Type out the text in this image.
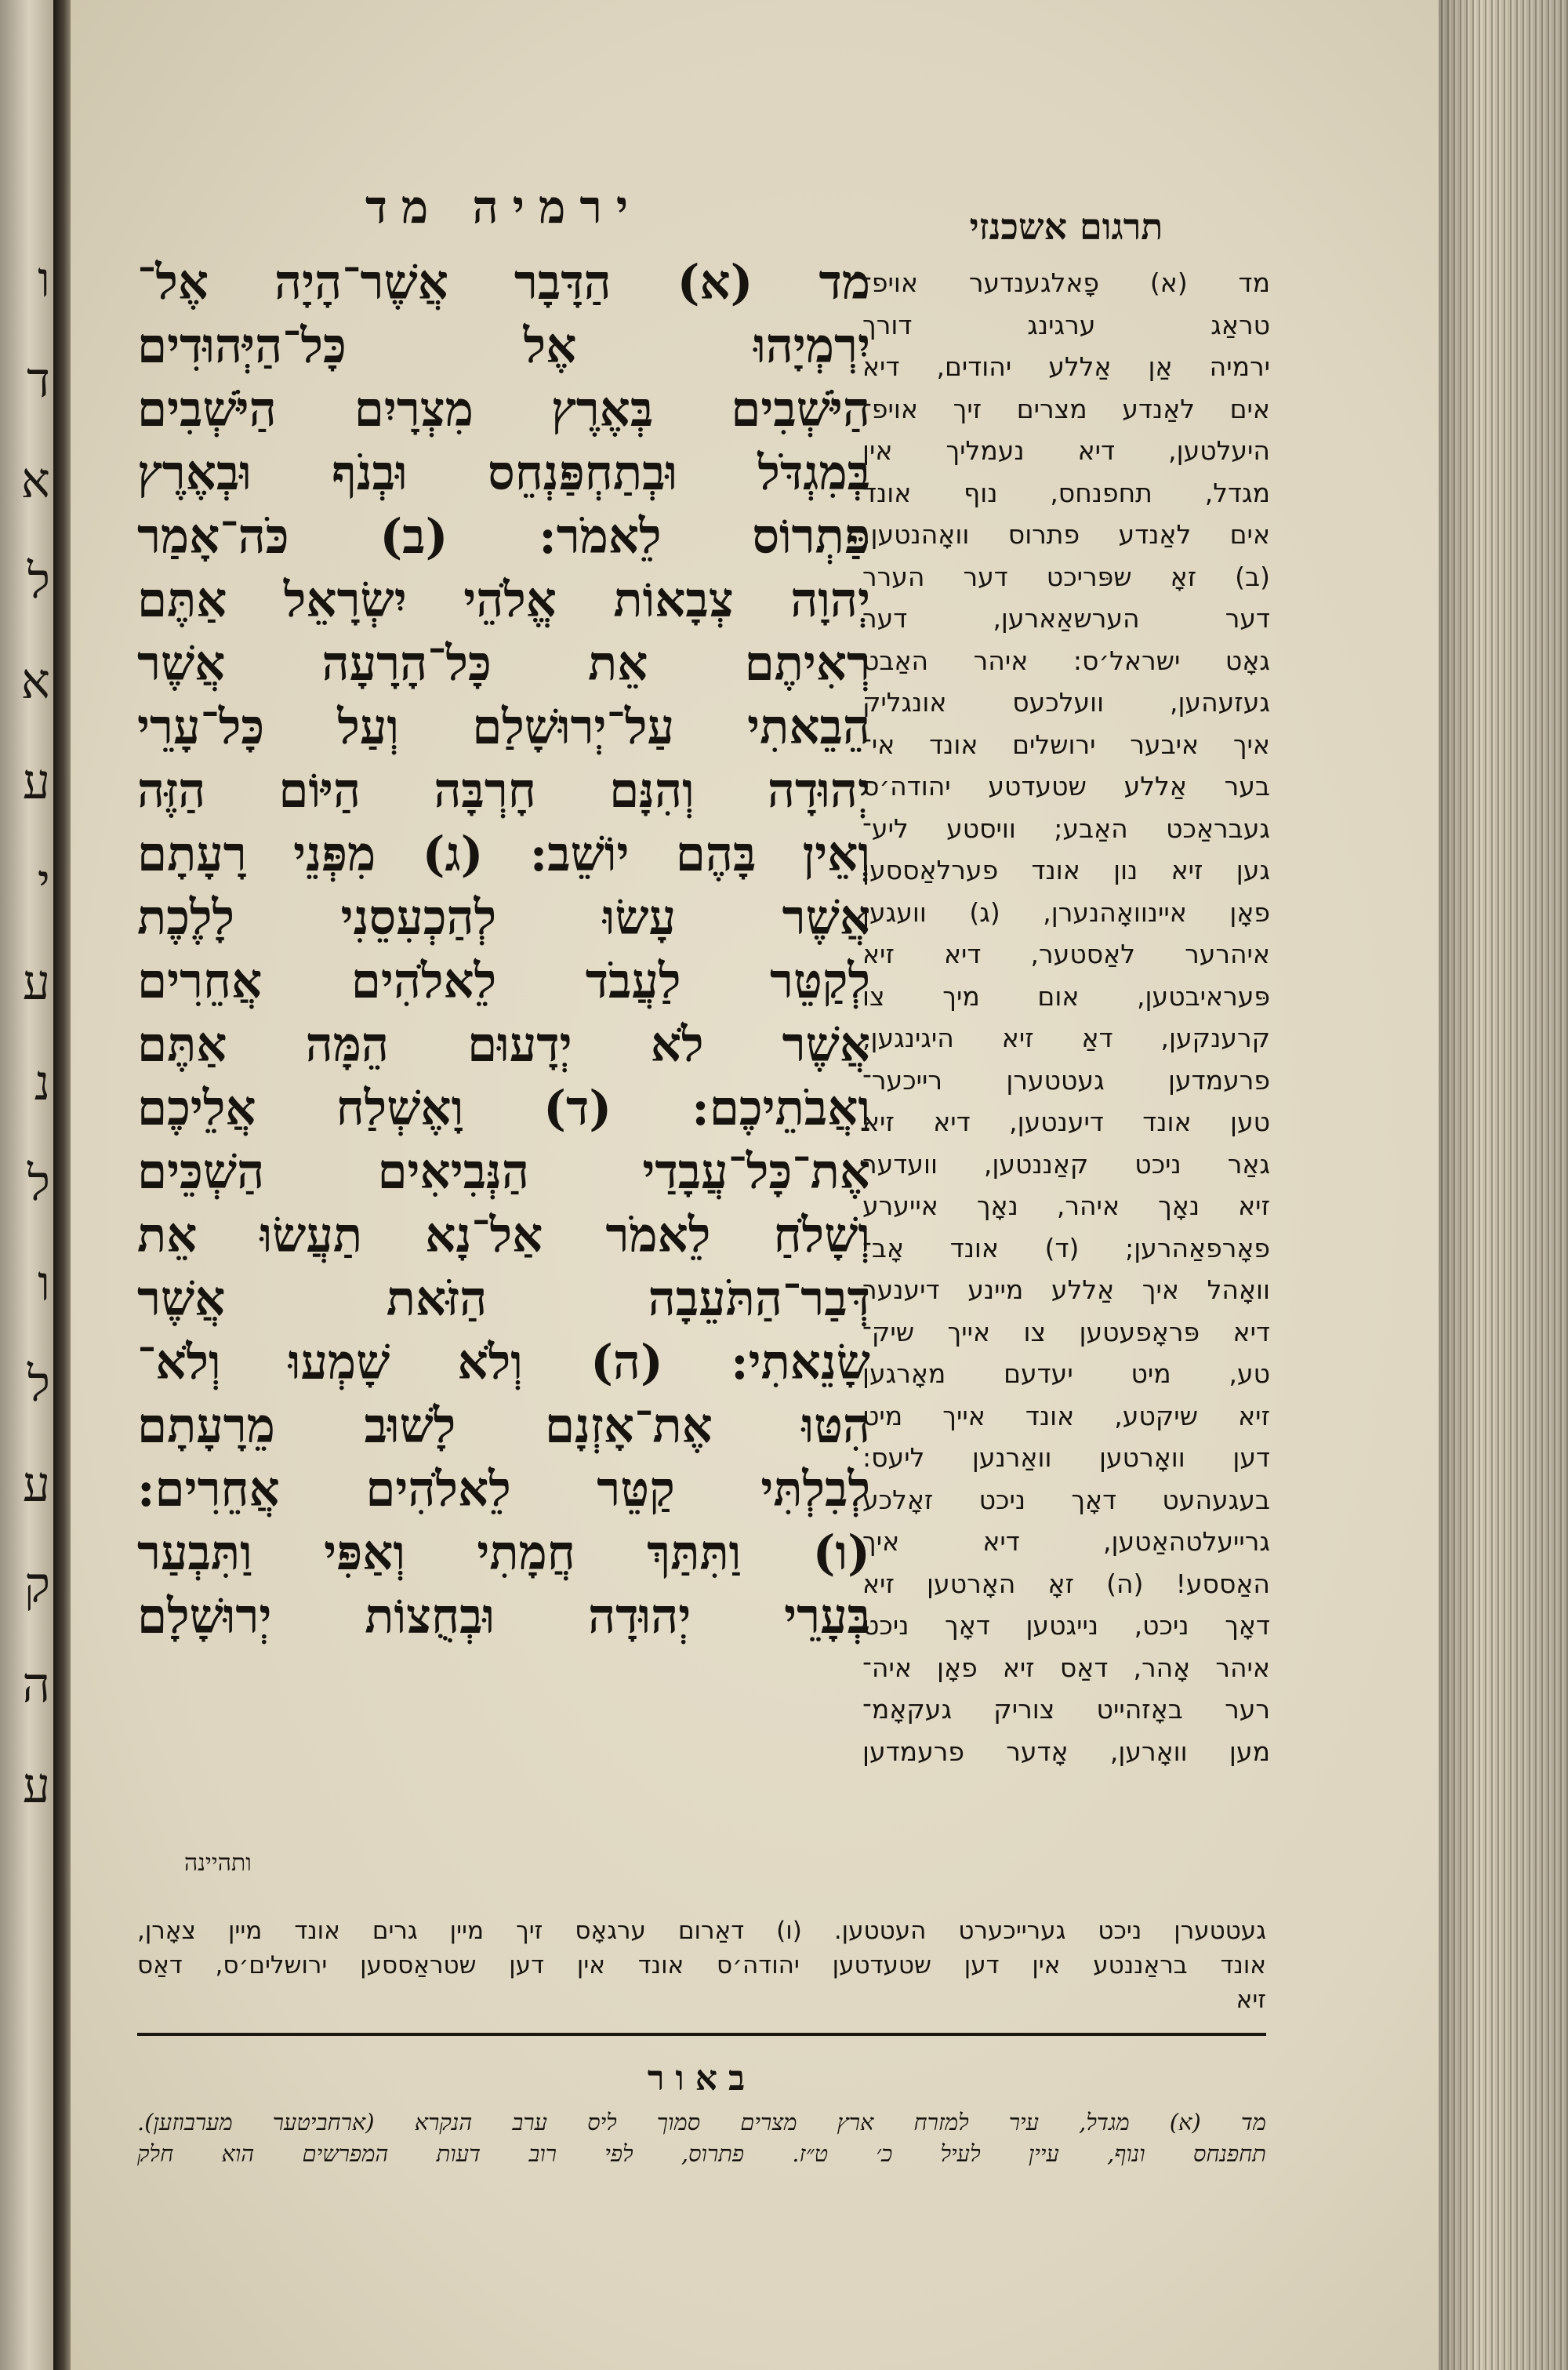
ו
ד
א
ל
א
ע
י
ע
נ
ל
ו
ל
ע
ק
ה
ע
ירמיה מד
מד (א) הַדָּבָר אֲשֶׁר־הָיָה אֶל־
יִרְמְיָהוּ אֶל כָּל־הַיְּהוּדִים
הַיֹּשְׁבִים בְּאֶרֶץ מִצְרָיִם הַיֹּשְׁבִים
בְּמִגְדֹּל וּבְתַחְפַּנְחֵס וּבְנֹף וּבְאֶרֶץ
פַּתְרוֹס לֵאמֹר: (ב) כֹּה־אָמַר
יְהוָה צְבָאוֹת אֱלֹהֵי יִשְׂרָאֵל אַתֶּם
רְאִיתֶם אֵת כָּל־הָרָעָה אֲשֶׁר
הֵבֵאתִי עַל־יְרוּשָׁלַם וְעַל כָּל־עָרֵי
יְהוּדָה וְהִנָּם חָרְבָּה הַיּוֹם הַזֶּה
וְאֵין בָּהֶם יוֹשֵׁב: (ג) מִפְּנֵי רָעָתָם
אֲשֶׁר עָשׂוּ לְהַכְעִסֵנִי לָלֶכֶת
לְקַטֵּר לַעֲבֹד לֵאלֹהִים אֲחֵרִים
אֲשֶׁר לֹא יְדָעוּם הֵמָּה אַתֶּם
וַאֲבֹתֵיכֶם: (ד) וָאֶשְׁלַח אֲלֵיכֶם
אֶת־כָּל־עֲבָדַי הַנְּבִיאִים הַשְׁכֵּים
וְשָׁלֹחַ לֵאמֹר אַל־נָא תַעֲשׂוּ אֵת
דְּבַר־הַתֹּעֵבָה הַזֹּאת אֲשֶׁר
שָׂנֵאתִי: (ה) וְלֹא שָׁמְעוּ וְלֹא־
הִטּוּ אֶת־אָזְנָם לָשׁוּב מֵרָעָתָם
לְבִלְתִּי קַטֵּר לֵאלֹהִים אֲחֵרִים:
(ו) וַתִּתַּךְ חֲמָתִי וְאַפִּי וַתִּבְעַר
בְּעָרֵי יְהוּדָה וּבְחֻצוֹת יְרוּשָׁלָם
ותהיינה
תרגום אשכנזי
מד (א) פָאלגענדער אויפ־
טראַג ערגינג דורך
ירמיה אַן אַללע יהודים, דיא
אים לאַנדע מצרים זיך אויפ־
היעלטען, דיא נעמליך אין
מגדל, תחפנחס, נוף אונד
אים לאַנדע פתרוס וואָהנטען.
(ב) זאָ שפּריכט דער הערר
דער הערשאַארען, דער
גאָט ישראל׳ס: איהר האַבט
געזעהען, וועלכעס אונגליק
איך איבער ירושלים אונד אי־
בער אַללע שטעדטע יהודה׳ס
געבראַכט האַבע; וויסטע ליע־
גען זיא נון אונד פערלאַססען
פאָן איינוואָהנערן, (ג) וועגען
איהרער לאַסטער, דיא זיא
פּעראיבטען, אום מיך צו
קרענקען, דאַ זיא היגינגען,
פרעמדען געטטערן רייכער־
טען אונד דיענטען, דיא זיא
גאַר ניכט קאַננטען, וועדער
זיא נאָך איהר, נאָך אייערע
פאָרפאַהרען; (ד) אונד אָב־
וואָהל איך אַללע מיינע דיענער
דיא פּראָפעטען צו אייך שיק־
טע, מיט יעדעם מאָרגען
זיא שיקטע, אונד אייך מיט
דען וואָרטען וואַרנען ליעס:
בעגעהעט דאָך ניכט זאָלכע
גרייעלטהאַטען, דיא איך
האַססע! (ה) זאָ האָרטען זיא
דאָך ניכט, נייגטען דאָך ניכט
איהר אָהר, דאַס זיא פאָן איה־
רער באָזהייט צוריק געקאָמ־
מען וואָרען, אָדער פרעמדען
געטטערן ניכט גערייכערט העטטען. (ו) דאַרום ערגאָס זיך מיין גרים אונד מיין צאָרן,
אונד בראַננטע אין דען שטעדטען יהודה׳ס אונד אין דען שטראַססען ירושלים׳ס, דאַס
זיא
באור
מד (א) מגדל, עיר למזרח ארץ מצרים סמוך ליס ערב הנקרא (ארחביטער מערבוזען).
תחפנחס ונוף, עיין לעיל כ׳ ט״ז. פתרוס, לפי רוב דעות המפרשים הוא חלק
